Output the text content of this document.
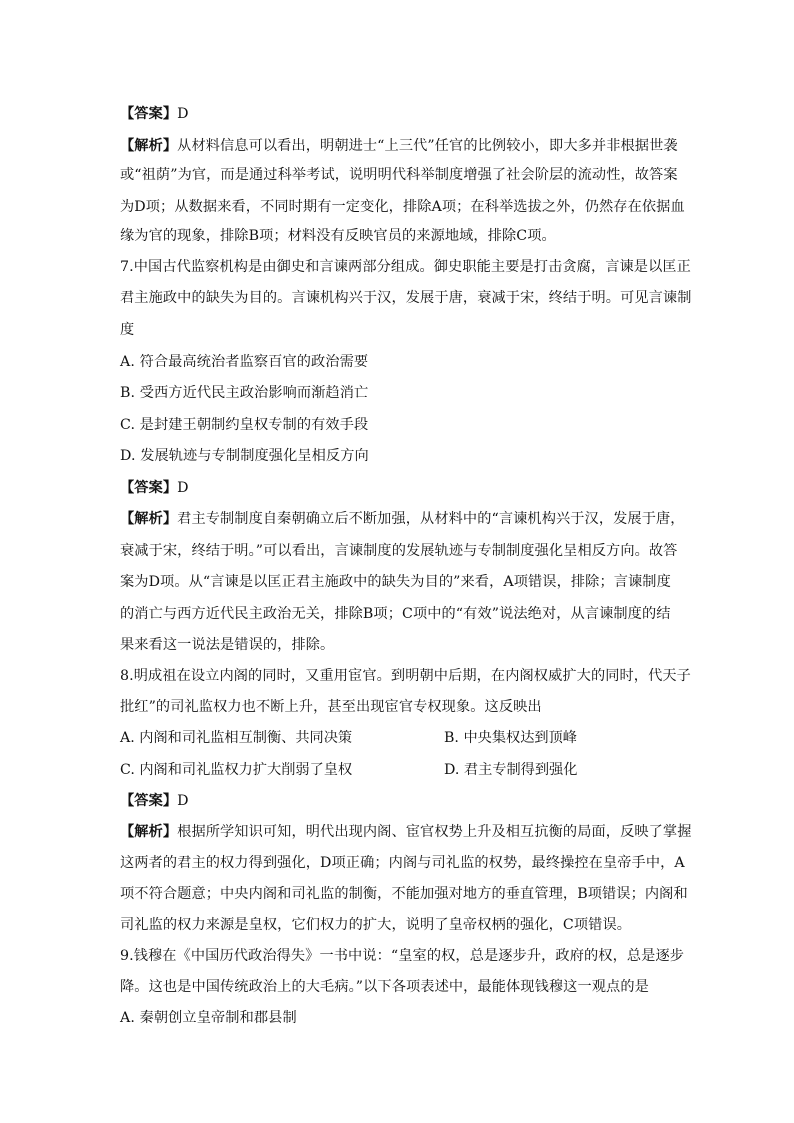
【答案】D
【解析】从材料信息可以看出，明朝进士“上三代”任官的比例较小，即大多并非根据世袭
或“祖荫”为官，而是通过科举考试，说明明代科举制度增强了社会阶层的流动性，故答案
为D项；从数据来看，不同时期有一定变化，排除A项；在科举选拔之外，仍然存在依据血
缘为官的现象，排除B项；材料没有反映官员的来源地域，排除C项。
7.中国古代监察机构是由御史和言谏两部分组成。御史职能主要是打击贪腐，言谏是以匡正
君主施政中的缺失为目的。言谏机构兴于汉，发展于唐，衰减于宋，终结于明。可见言谏制
度
A. 符合最高统治者监察百官的政治需要
B. 受西方近代民主政治影响而渐趋消亡
C. 是封建王朝制约皇权专制的有效手段
D. 发展轨迹与专制制度强化呈相反方向
【答案】D
【解析】君主专制制度自秦朝确立后不断加强，从材料中的“言谏机构兴于汉，发展于唐，
衰减于宋，终结于明。”可以看出，言谏制度的发展轨迹与专制制度强化呈相反方向。故答
案为D项。从“言谏是以匡正君主施政中的缺失为目的”来看，A项错误，排除；言谏制度
的消亡与西方近代民主政治无关，排除B项；C项中的“有效”说法绝对，从言谏制度的结
果来看这一说法是错误的，排除。
8.明成祖在设立内阁的同时，又重用宦官。到明朝中后期，在内阁权威扩大的同时，代天子
批红”的司礼监权力也不断上升，甚至出现宦官专权现象。这反映出
A. 内阁和司礼监相互制衡、共同决策	B. 中央集权达到顶峰
C. 内阁和司礼监权力扩大削弱了皇权	D. 君主专制得到强化
【答案】D
【解析】根据所学知识可知，明代出现内阁、宦官权势上升及相互抗衡的局面，反映了掌握
这两者的君主的权力得到强化，D项正确；内阁与司礼监的权势，最终操控在皇帝手中，A
项不符合题意；中央内阁和司礼监的制衡，不能加强对地方的垂直管理，B项错误；内阁和
司礼监的权力来源是皇权，它们权力的扩大，说明了皇帝权柄的强化，C项错误。
9.钱穆在《中国历代政治得失》一书中说：“皇室的权，总是逐步升，政府的权，总是逐步
降。这也是中国传统政治上的大毛病。”以下各项表述中，最能体现钱穆这一观点的是
A. 秦朝创立皇帝制和郡县制
